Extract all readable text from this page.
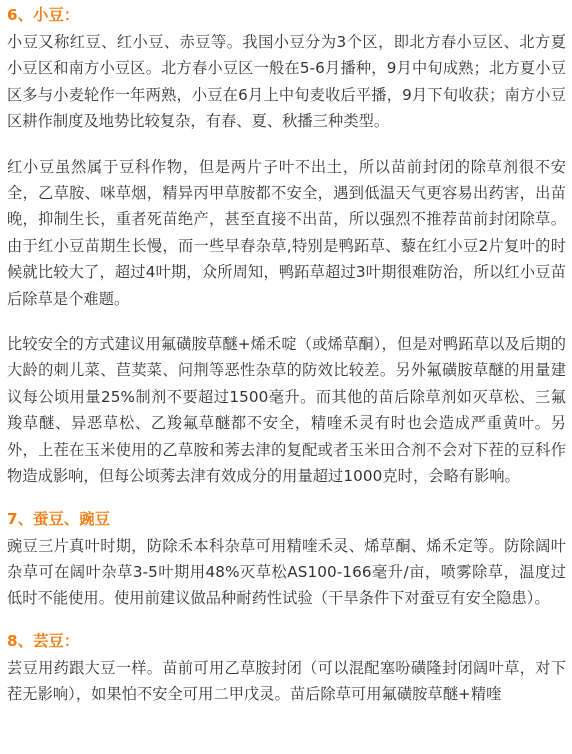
6、小豆：

小豆又称红豆、红小豆、赤豆等。我国小豆分为3个区，即北方春小豆区、北方夏小豆区和南方小豆区。北方春小豆区一般在5-6月播种，9月中旬成熟；北方夏小豆区多与小麦轮作一年两熟，小豆在6月上中旬麦收后平播，9月下旬收获；南方小豆区耕作制度及地势比较复杂，有春、夏、秋播三种类型。

红小豆虽然属于豆科作物，但是两片子叶不出土，所以苗前封闭的除草剂很不安全，乙草胺、咪草烟，精异丙甲草胺都不安全，遇到低温天气更容易出药害，出苗晚，抑制生长，重者死苗绝产，甚至直接不出苗，所以强烈不推荐苗前封闭除草。由于红小豆苗期生长慢，而一些早春杂草,特别是鸭跖草、藜在红小豆2片复叶的时候就比较大了，超过4叶期，众所周知，鸭跖草超过3叶期很难防治，所以红小豆苗后除草是个难题。

比较安全的方式建议用氟磺胺草醚+烯禾啶（或烯草酮），但是对鸭跖草以及后期的大龄的刺儿菜、苣荬菜、问荆等恶性杂草的防效比较差。另外氟磺胺草醚的用量建议每公顷用量25%制剂不要超过1500毫升。而其他的苗后除草剂如灭草松、三氟羧草醚、异恶草松、乙羧氟草醚都不安全，精喹禾灵有时也会造成严重黄叶。另外，上茬在玉米使用的乙草胺和莠去津的复配或者玉米田合剂不会对下茬的豆科作物造成影响，但每公顷莠去津有效成分的用量超过1000克时，会略有影响。

7、蚕豆、豌豆

豌豆三片真叶时期，防除禾本科杂草可用精喹禾灵、烯草酮、烯禾定等。防除阔叶杂草可在阔叶杂草3-5叶期用48%灭草松AS100-166毫升/亩，喷雾除草，温度过低时不能使用。使用前建议做品种耐药性试验（干旱条件下对蚕豆有安全隐患）。

8、芸豆：

芸豆用药跟大豆一样。苗前可用乙草胺封闭（可以混配塞吩磺隆封闭阔叶草，对下茬无影响），如果怕不安全可用二甲戊灵。苗后除草可用氟磺胺草醚+精喹
